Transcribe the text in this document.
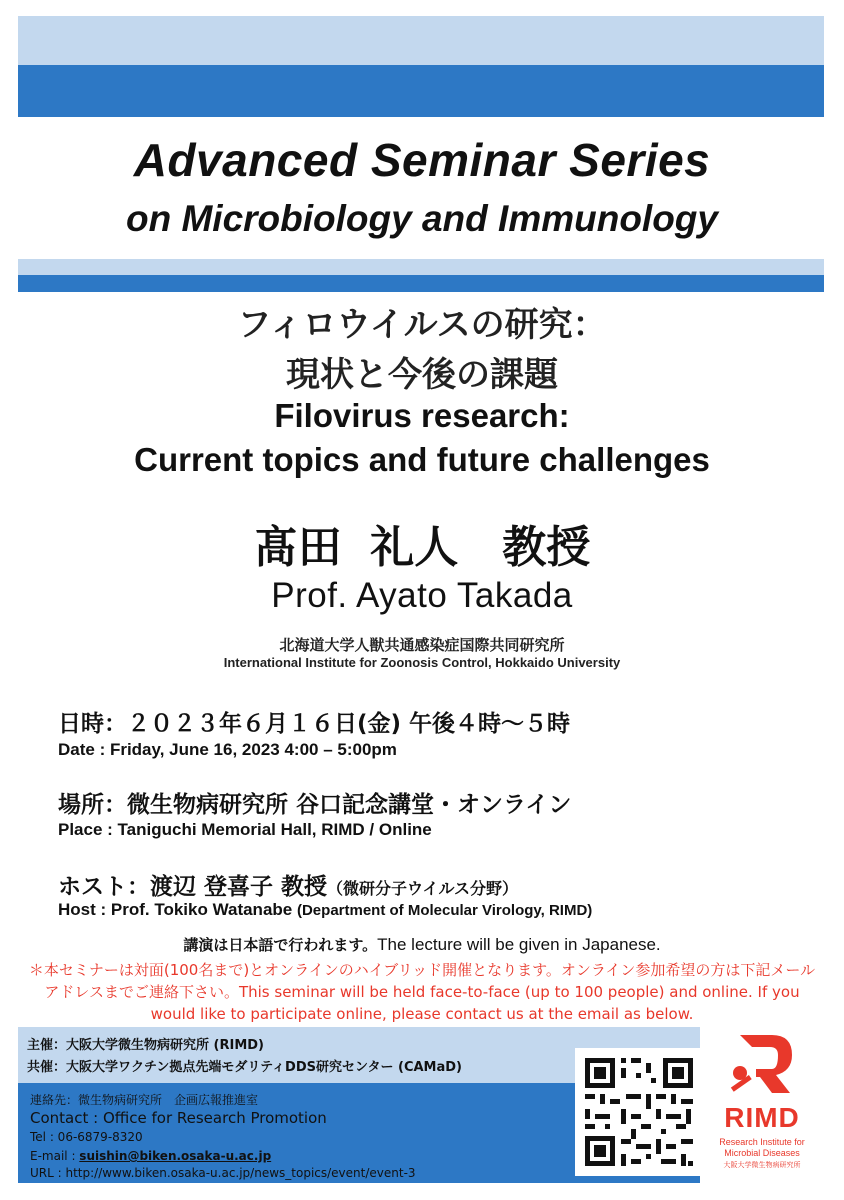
Advanced Seminar Series
on Microbiology and Immunology
フィロウイルスの研究：
現状と今後の課題
Filovirus research:
Current topics and future challenges
髙田 礼人　教授
Prof. Ayato Takada
北海道大学人獣共通感染症国際共同研究所
International Institute for Zoonosis Control, Hokkaido University
日時：２０２３年６月１６日(金) 午後４時～５時
Date : Friday, June 16, 2023 4:00 – 5:00pm
場所：微生物病研究所 谷口記念講堂・オンライン
Place : Taniguchi Memorial Hall, RIMD / Online
ホスト：渡辺 登喜子 教授（微研分子ウイルス分野）
Host : Prof. Tokiko Watanabe (Department of Molecular Virology, RIMD)
講演は日本語で行われます。The lecture will be given in Japanese.
＊本セミナーは対面(100名まで)とオンラインのハイブリッド開催となります。オンライン参加希望の方は下記メールアドレスまでご連絡下さい。This seminar will be held face-to-face (up to 100 people) and online. If you would like to participate online, please contact us at the email as below.
主催：大阪大学微生物病研究所 (RIMD)
共催：大阪大学ワクチン拠点先端モダリティDDS研究センター (CAMaD)
連絡先：微生物病研究所　企画広報推進室
Contact : Office for Research Promotion
Tel : 06-6879-8320
E-mail : suishin@biken.osaka-u.ac.jp
URL : http://www.biken.osaka-u.ac.jp/news_topics/event/event-3
RIMD
Research Institute for
Microbial Diseases
大阪大学微生物病研究所
